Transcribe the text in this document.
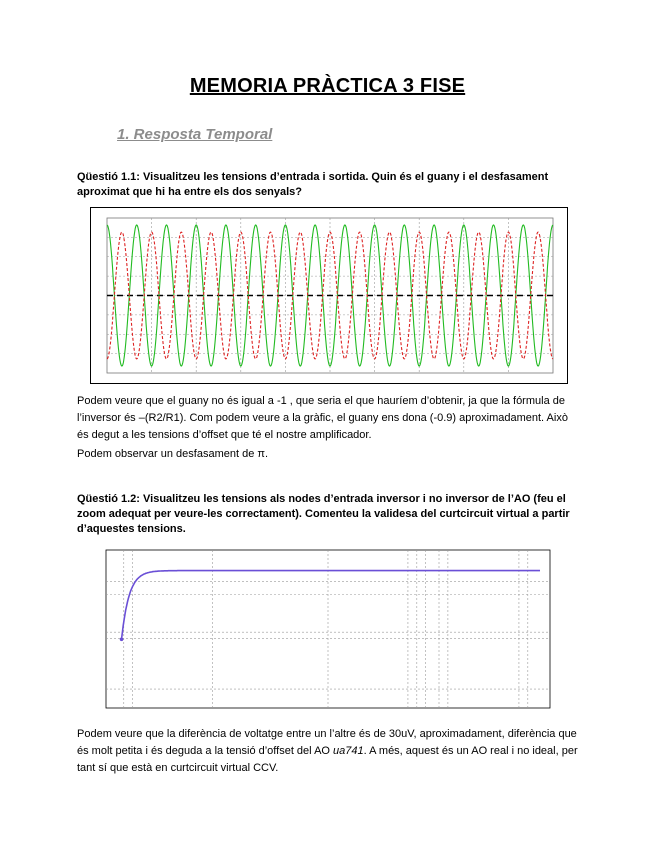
MEMORIA PRÀCTICA 3 FISE
1. Resposta Temporal
Qüestió 1.1: Visualitzeu les tensions d’entrada i sortida. Quin és el guany i el desfasament aproximat que hi ha entre els dos senyals?
Podem veure que el guany no és igual a -1 , que seria el que hauríem d’obtenir, ja que la fórmula de l’inversor és –(R2/R1). Com podem veure a la gràfic, el guany ens dona (-0.9) aproximadament. Això és degut a les tensions d’offset que té el nostre amplificador.
Podem observar un desfasament de π.
Qüestió 1.2: Visualitzeu les tensions als nodes d’entrada inversor i no inversor de l’AO (feu el zoom adequat per veure-les correctament). Comenteu la validesa del curtcircuit virtual a partir d’aquestes tensions.
Podem veure que la diferència de voltatge entre un l’altre és de 30uV, aproximadament, diferència que és molt petita i és deguda a la tensió d’offset del AO ua741. A més, aquest és un AO real i no ideal, per tant sí que està en curtcircuit virtual CCV.
